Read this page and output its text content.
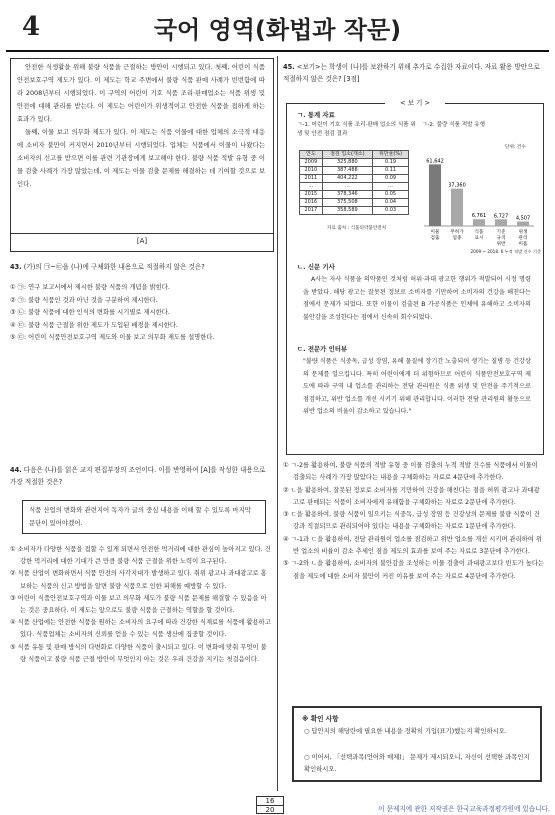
4	국어 영역(화법과 작문)

안전한 식생활을 위해 불량 식품을 근절하는 방안이 시행되고 있다. 첫째, 어린이 식품안전보호구역 제도가 있다. 이 제도는 학교 주변에서 불량 식품 판매 사례가 빈번함에 따라 2008년부터 시행되었다. 이 구역의 어린이 기호 식품 조리·판매업소는 식품 위생 및 안전에 대해 관리를 받는다. 이 제도는 어린이가 위생적이고 안전한 식품을 접하게 하는 효과가 있다.

둘째, 이물 보고 의무화 제도가 있다. 이 제도는 식품 이물에 대한 업체의 소극적 대응에 소비자 불만이 커지면서 2010년부터 시행되었다. 업체는 식품에서 이물이 나왔다는 소비자의 신고를 받으면 이를 관련 기관장에게 보고해야 한다. 불량 식품 적발 유형 중 이물 검출 사례가 가장 많았는데, 이 제도는 이물 검출 문제를 해결하는 데 기여할 것으로 보인다.

[A]
43. (가)의 ㉠~㉢을 (나)에 구체화한 내용으로 적절하지 않은 것은?
① ㉠: 연구 보고서에서 제시한 불량 식품의 개념을 밝힌다.
② ㉠: 불량 식품인 것과 아닌 것을 구분하여 제시한다.
③ ㉡: 불량 식품에 대한 인식의 변화를 시기별로 제시한다.
④ ㉢: 불량 식품 근절을 위한 제도가 도입된 배경을 제시한다.
⑤ ㉢: 어린이 식품안전보호구역 제도와 이물 보고 의무화 제도를 설명한다.
44. 다음은 (나)를 읽은 교지 편집부장의 조언이다. 이를 반영하여 [A]를 작성한 내용으로 가장 적절한 것은?
식품 산업의 변화와 관련지어 독자가 글의 중심 내용을 이해 할 수 있도록 마지막 문단이 있어야겠어.
① 소비자가 다양한 식품을 접할 수 있게 되면서 안전한 먹거리에 대한 관심이 높아지고 있다. 건강한 먹거리에 대한 기대가 큰 만큼 불량 식품 근절을 위한 노력이 요구된다.
② 식품 산업이 변화하면서 식품 안전의 사각지대가 발생하고 있다. 취위 광고나 과대광고로 홍보하는 식품의 신고 방법을 알면 불량 식품으로 인한 피해를 예방할 수 있다.
③ 어린이 식품안전보호구역과 이물 보고 의무화 제도가 불량 식품 문제를 해결할 수 있음을 아는 것은 중요하다. 이 제도는 앞으로도 불량 식품을 근절하는 역할을 할 것이다.
④ 식품 산업에는 안전한 식품을 원하는 소비자의 요구에 따라 건강한 식재료를 식품에 활용하고 있다. 식품업체는 소비자의 신뢰를 얻을 수 있는 식품 생산에 집중할 것이다.
⑤ 식품 유통 및 판매 방식의 다변화로 다양한 식품이 출시되고 있다. 이 변화에 맞춰 무엇이 불량 식품이고 불량 식품 근절 방안이 무엇인지 아는 것은 우리 건강을 지키는 첫걸음이다.
45. <보기>는 학생이 (나)를 보완하기 위해 추가로 수집한 자료이다. 자료 활용 방안으로 적절하지 않은 것은? [3점]
< 보 기 >
ㄱ. 통계 자료
ㄱ-1. 어린이 기호 식품 조리·판매 업소의 식품 위생 및 안전 점검 결과
ㄱ-2. 불량 식품 적발 유형
연도	점검 업소(개소)	위반율(%)
2009	325,880	0.19
2010	387,488	0.11
2011	404,222	0.09
…	…	…
2015	378,346	0.05
2016	375,508	0.04
2017	358,589	0.03
자료 출처 : 식품의약품안전처
61,642
이물
검출
37,360
무허가
업종
6,761
식품
표시
6,727
기준
규격
위반
4,507
위생
관리
미흡
단위: 건수
2009 ~ 2018. 6 누적 적발 건수 기준
ㄴ. 신문 기사
A사는 자사 식품을 의약품인 것처럼 허위·과대 광고한 행위가 적발되어 시정 명령을 받았다. 해당 광고는 잘못된 정보로 소비자를 기만하여 소비자의 건강을 해친다는 점에서 문제가 되었다. 또한 이물이 검출된 B 가공식품은 인체에 유해하고 소비자의 불안감을 조성한다는 점에서 신속히 회수되었다.
ㄷ. 전문가 인터뷰
"불량 식품은 식중독, 급성 장염, 유해 물질에 장기간 노출되어 생기는 질병 등 건강상의 문제를 일으킵니다. 특히 어린이에게 더 위험하므로 어린이 식품안전보호구역 제도에 따라 구역 내 업소를 관리하는 전담 관리원은 식품 위생 및 안전을 주기적으로 점검하고, 위반 업소를 개선 시키기 위해 관리합니다. 이러한 전담 관리원의 활동으로 위반 업소의 비율이 감소하고 있습니다."
① ㄱ-2를 활용하여, 불량 식품의 적발 유형 중 이물 검출의 누적 적발 건수를 식품에서 이물이 검출되는 사례가 가장 많았다는 내용을 구체화하는 자료로 4문단에 추가한다.
② ㄴ을 활용하여, 잘못된 정보로 소비자를 기만하여 건강을 해친다는 점을 허위 광고나 과대광고로 판매되는 식품이 소비자에게 유해함을 구체화하는 자료로 2문단에 추가한다.
③ ㄷ을 활용하여, 불량 식품이 일으키는 식중독, 급성 장염 등 건강상의 문제를 불량 식품이 건강과 직결되므로 관리되어야 있다는 내용을 구체화하는 자료로 1문단에 추가한다.
④ ㄱ-1과 ㄷ을 활용하여, 전담 관리원이 업소를 점검하고 위반 업소를 개선 시키며 관리하여 위반 업소의 비율이 감소 추세인 점을 제도의 효과를 보여 주는 자료로 3문단에 추가한다.
⑤ ㄱ-2와 ㄴ을 활용하여, 소비자의 불안감을 조성하는 이물 검출이 과대광고보다 빈도가 높다는 점을 제도에 대한 소비자 불만이 커진 이유를 보여 주는 자료로 4문단에 추가한다.
※ 확인 사항
○ 답안지의 해당란에 필요한 내용을 정확히 기입(표기)했는지 확인하시오.
○ 이어서, 「선택과목(언어와 매체)」 문제가 제시되오니, 자신이 선택한 과목인지 확인하시오.
16
20	이 문제지에 관한 저작권은 한국교육과정평가원에 있습니다.
